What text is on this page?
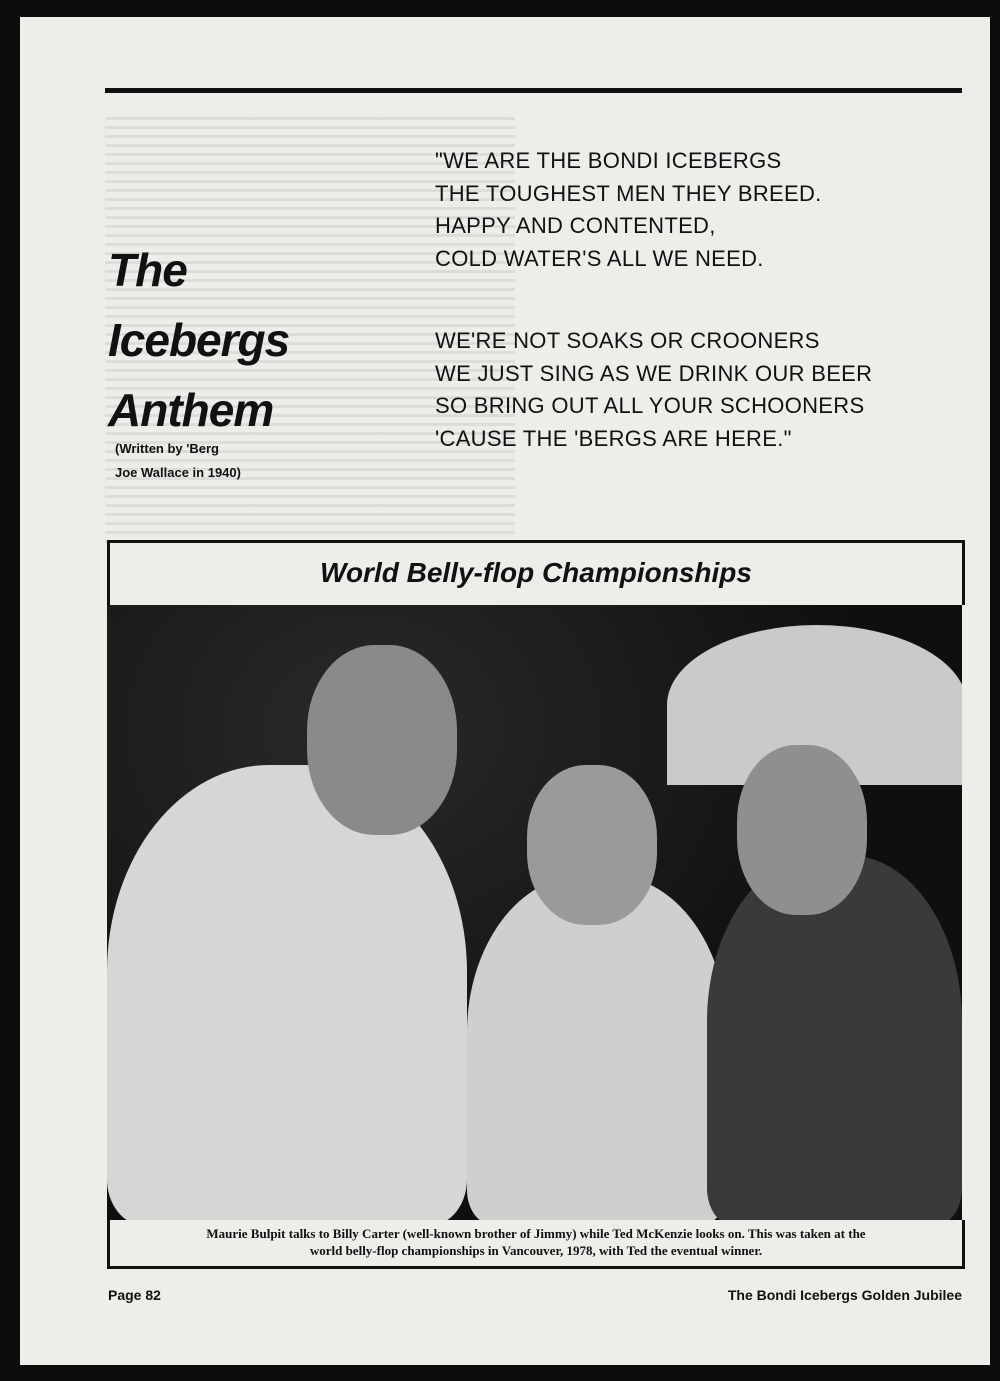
The
Icebergs
Anthem
(Written by 'Berg
Joe Wallace in 1940)
"WE ARE THE BONDI ICEBERGS
THE TOUGHEST MEN THEY BREED.
HAPPY AND CONTENTED,
COLD WATER'S ALL WE NEED.
WE'RE NOT SOAKS OR CROONERS
WE JUST SING AS WE DRINK OUR BEER
SO BRING OUT ALL YOUR SCHOONERS
'CAUSE THE 'BERGS ARE HERE."
World Belly-flop Championships
Maurie Bulpit talks to Billy Carter (well-known brother of Jimmy) while Ted McKenzie looks on. This was taken at the
world belly-flop championships in Vancouver, 1978, with Ted the eventual winner.
Page 82	The Bondi Icebergs Golden Jubilee
